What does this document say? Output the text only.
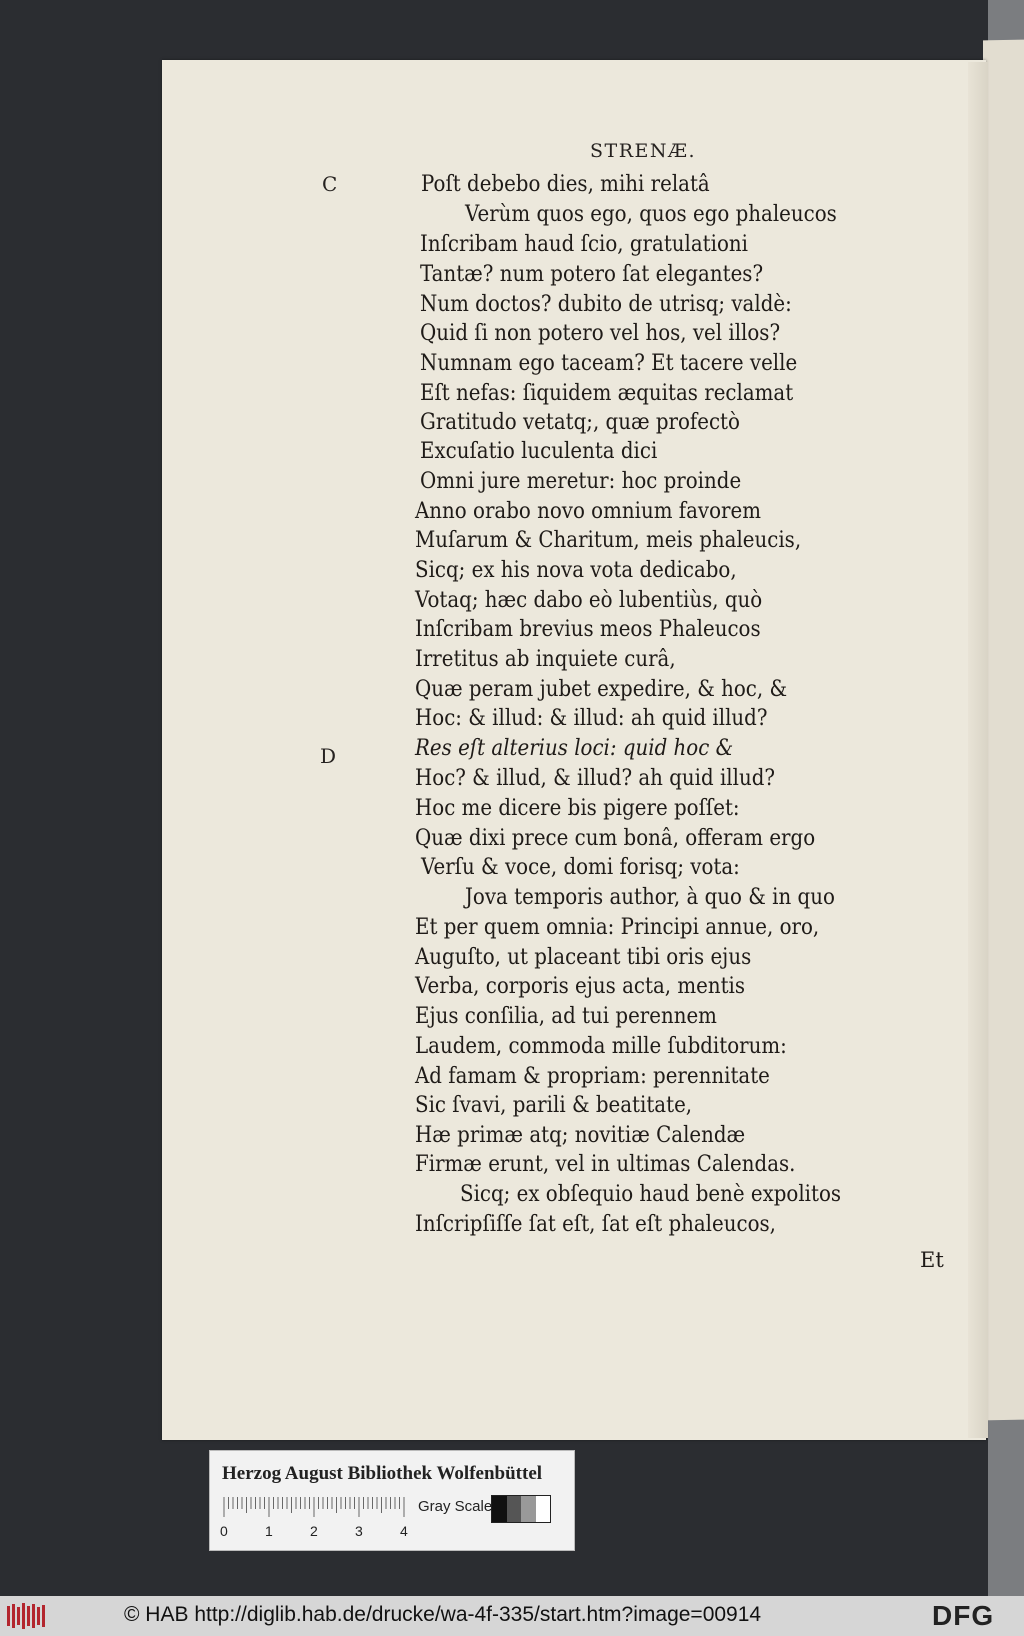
STRENÆ.
C
D
Poſt debebo dies, mihi relatâ
Verùm quos ego, quos ego phaleucos
Inſcribam haud ſcio, gratulationi
Tantæ? num potero ſat elegantes?
Num doctos? dubito de utrisq; valdè:
Quid ſi non potero vel hos, vel illos?
Numnam ego taceam? Et tacere velle
Eſt nefas: ſiquidem æquitas reclamat
Gratitudo vetatq;, quæ profectò
Excuſatio luculenta dici
Omni jure meretur: hoc proinde
Anno orabo novo omnium favorem
Muſarum & Charitum, meis phaleucis,
Sicq; ex his nova vota dedicabo,
Votaq; hæc dabo eò lubentiùs, quò
Inſcribam brevius meos Phaleucos
Irretitus ab inquiete curâ,
Quæ peram jubet expedire, & hoc, &
Hoc: & illud: & illud: ah quid illud?
Res eſt alterius loci: quid hoc &
Hoc? & illud, & illud? ah quid illud?
Hoc me dicere bis pigere poſſet:
Quæ dixi prece cum bonâ, offeram ergo
Verſu & voce, domi forisq; vota:
Jova temporis author, à quo & in quo
Et per quem omnia: Principi annue, oro,
Auguſto, ut placeant tibi oris ejus
Verba, corporis ejus acta, mentis
Ejus conſilia, ad tui perennem
Laudem, commoda mille ſubditorum:
Ad famam & propriam: perennitate
Sic ſvavi, parili & beatitate,
Hæ primæ atq; novitiæ Calendæ
Firmæ erunt, vel in ultimas Calendas.
Sicq; ex obſequio haud benè expolitos
Inſcripſiſſe ſat eſt, ſat eſt phaleucos,
Et
Herzog August Bibliothek Wolfenbüttel
0	1	2	3	4
Gray Scale
© HAB http://diglib.hab.de/drucke/wa-4f-335/start.htm?image=00914	DFG
